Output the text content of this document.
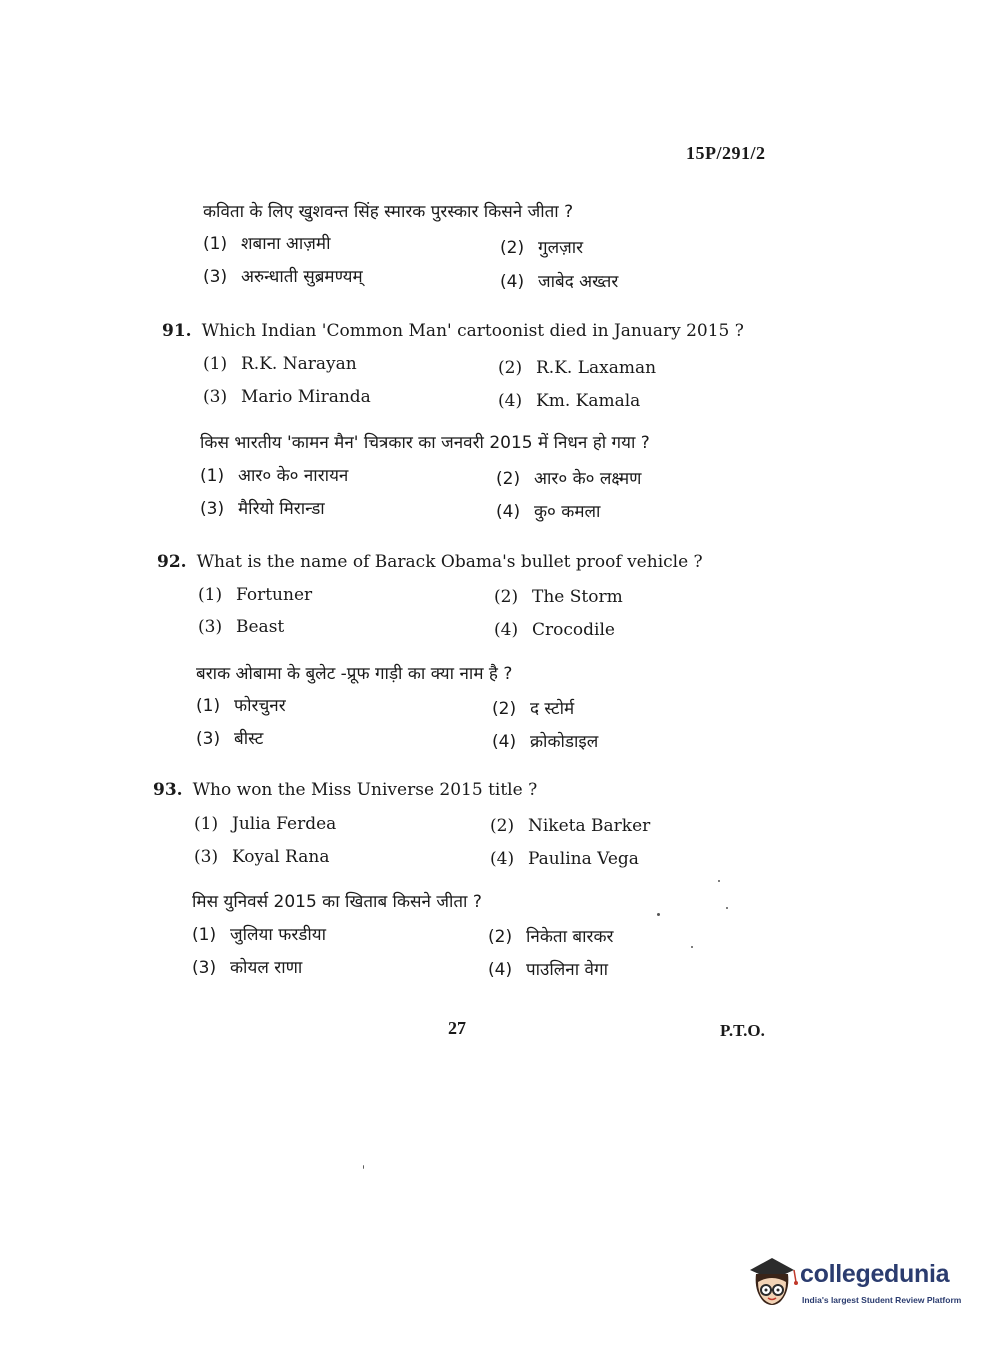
15P/291/2
कविता के लिए खुशवन्त सिंह स्मारक पुरस्कार किसने जीता ?
(1) शबाना आज़मी	(2) गुलज़ार
(3) अरुन्धाती सुब्रमण्यम्	(4) जाबेद अख्तर
91. Which Indian 'Common Man' cartoonist died in January 2015 ?
(1) R.K. Narayan	(2) R.K. Laxaman
(3) Mario Miranda	(4) Km. Kamala
किस भारतीय 'कामन मैन' चित्रकार का जनवरी 2015 में निधन हो गया ?
(1) आर० के० नारायन	(2) आर० के० लक्ष्मण
(3) मैरियो मिरान्डा	(4) कु० कमला
92. What is the name of Barack Obama's bullet proof vehicle ?
(1) Fortuner	(2) The Storm
(3) Beast	(4) Crocodile
बराक ओबामा के बुलेट -प्रूफ गाड़ी का क्या नाम है ?
(1) फोरचुनर	(2) द स्टोर्म
(3) बीस्ट	(4) क्रोकोडाइल
93. Who won the Miss Universe 2015 title ?
(1) Julia Ferdea	(2) Niketa Barker
(3) Koyal Rana	(4) Paulina Vega
मिस युनिवर्स 2015 का खिताब किसने जीता ?
(1) जुलिया फरडीया	(2) निकेता बारकर
(3) कोयल राणा	(4) पाउलिना वेगा
27	P.T.O.
collegedunia
India's largest Student Review Platform
